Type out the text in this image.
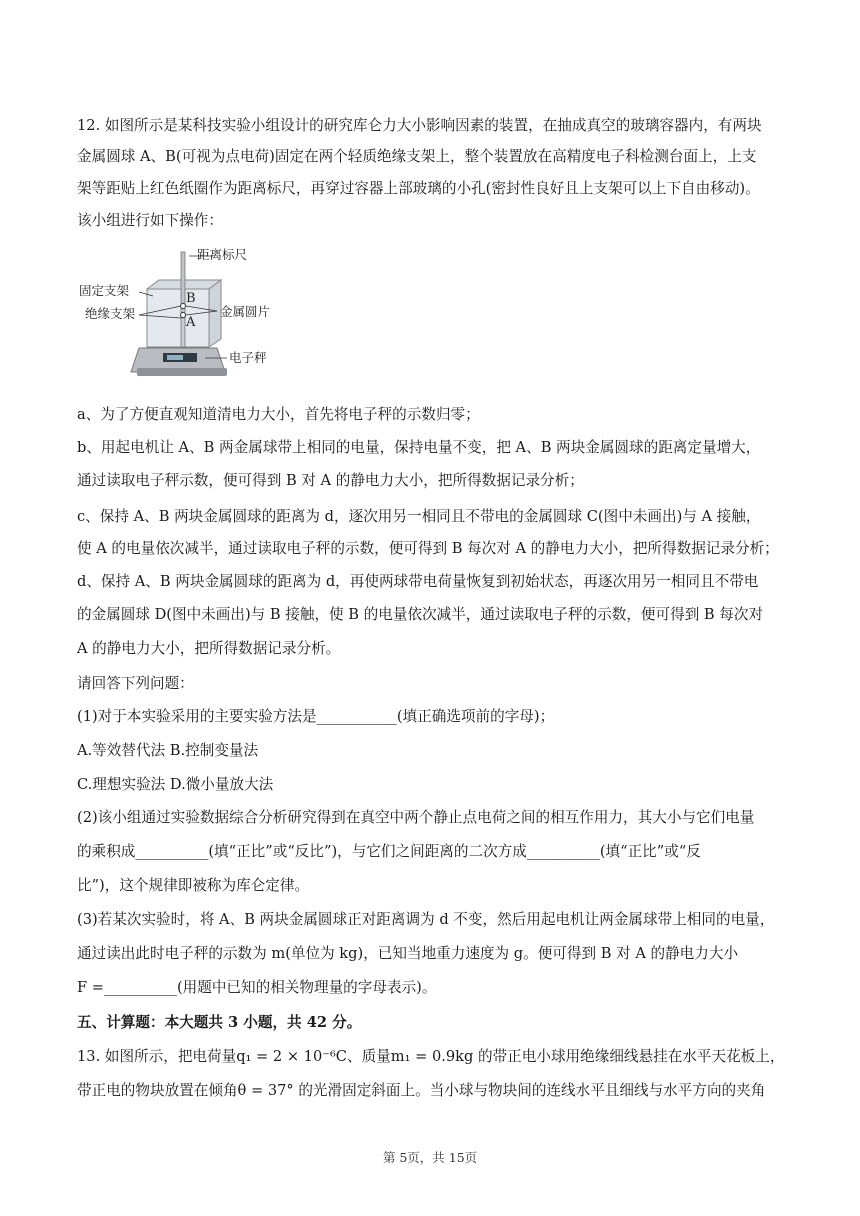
12. 如图所示是某科技实验小组设计的研究库仑力大小影响因素的装置，在抽成真空的玻璃容器内，有两块
金属圆球 A、B(可视为点电荷)固定在两个轻质绝缘支架上，整个装置放在高精度电子科检测台面上，上支
架等距贴上红色纸圈作为距离标尺，再穿过容器上部玻璃的小孔(密封性良好且上支架可以上下自由移动)。
该小组进行如下操作：
距离标尺
固定支架
绝缘支架	金属圆片
电子秤
B
A
a、为了方便直观知道清电力大小，首先将电子秤的示数归零；
b、用起电机让 A、B 两金属球带上相同的电量，保持电量不变，把 A、B 两块金属圆球的距离定量增大，
通过读取电子秤示数，便可得到 B 对 A 的静电力大小，把所得数据记录分析；
c、保持 A、B 两块金属圆球的距离为 d，逐次用另一相同且不带电的金属圆球 C(图中未画出)与 A 接触，
使 A 的电量依次减半，通过读取电子秤的示数，便可得到 B 每次对 A 的静电力大小，把所得数据记录分析；
d、保持 A、B 两块金属圆球的距离为 d，再使两球带电荷量恢复到初始状态，再逐次用另一相同且不带电
的金属圆球 D(图中未画出)与 B 接触，使 B 的电量依次减半，通过读取电子秤的示数，便可得到 B 每次对
A 的静电力大小，把所得数据记录分析。
请回答下列问题：
(1)对于本实验采用的主要实验方法是___________(填正确选项前的字母)；
A.等效替代法 B.控制变量法
C.理想实验法 D.微小量放大法
(2)该小组通过实验数据综合分析研究得到在真空中两个静止点电荷之间的相互作用力，其大小与它们电量
的乘积成__________(填“正比”或“反比”)，与它们之间距离的二次方成__________(填“正比”或“反
比”)，这个规律即被称为库仑定律。
(3)若某次实验时，将 A、B 两块金属圆球正对距离调为 d 不变，然后用起电机让两金属球带上相同的电量，
通过读出此时电子秤的示数为 m(单位为 kg)，已知当地重力速度为 g。便可得到 B 对 A 的静电力大小
F =__________(用题中已知的相关物理量的字母表示)。
五、计算题：本大题共 3 小题，共 42 分。
13. 如图所示，把电荷量q₁ = 2 × 10⁻⁶C、质量m₁ = 0.9kg 的带正电小球用绝缘细线悬挂在水平天花板上，
带正电的物块放置在倾角θ = 37° 的光滑固定斜面上。当小球与物块间的连线水平且细线与水平方向的夹角
第 5页，共 15页
